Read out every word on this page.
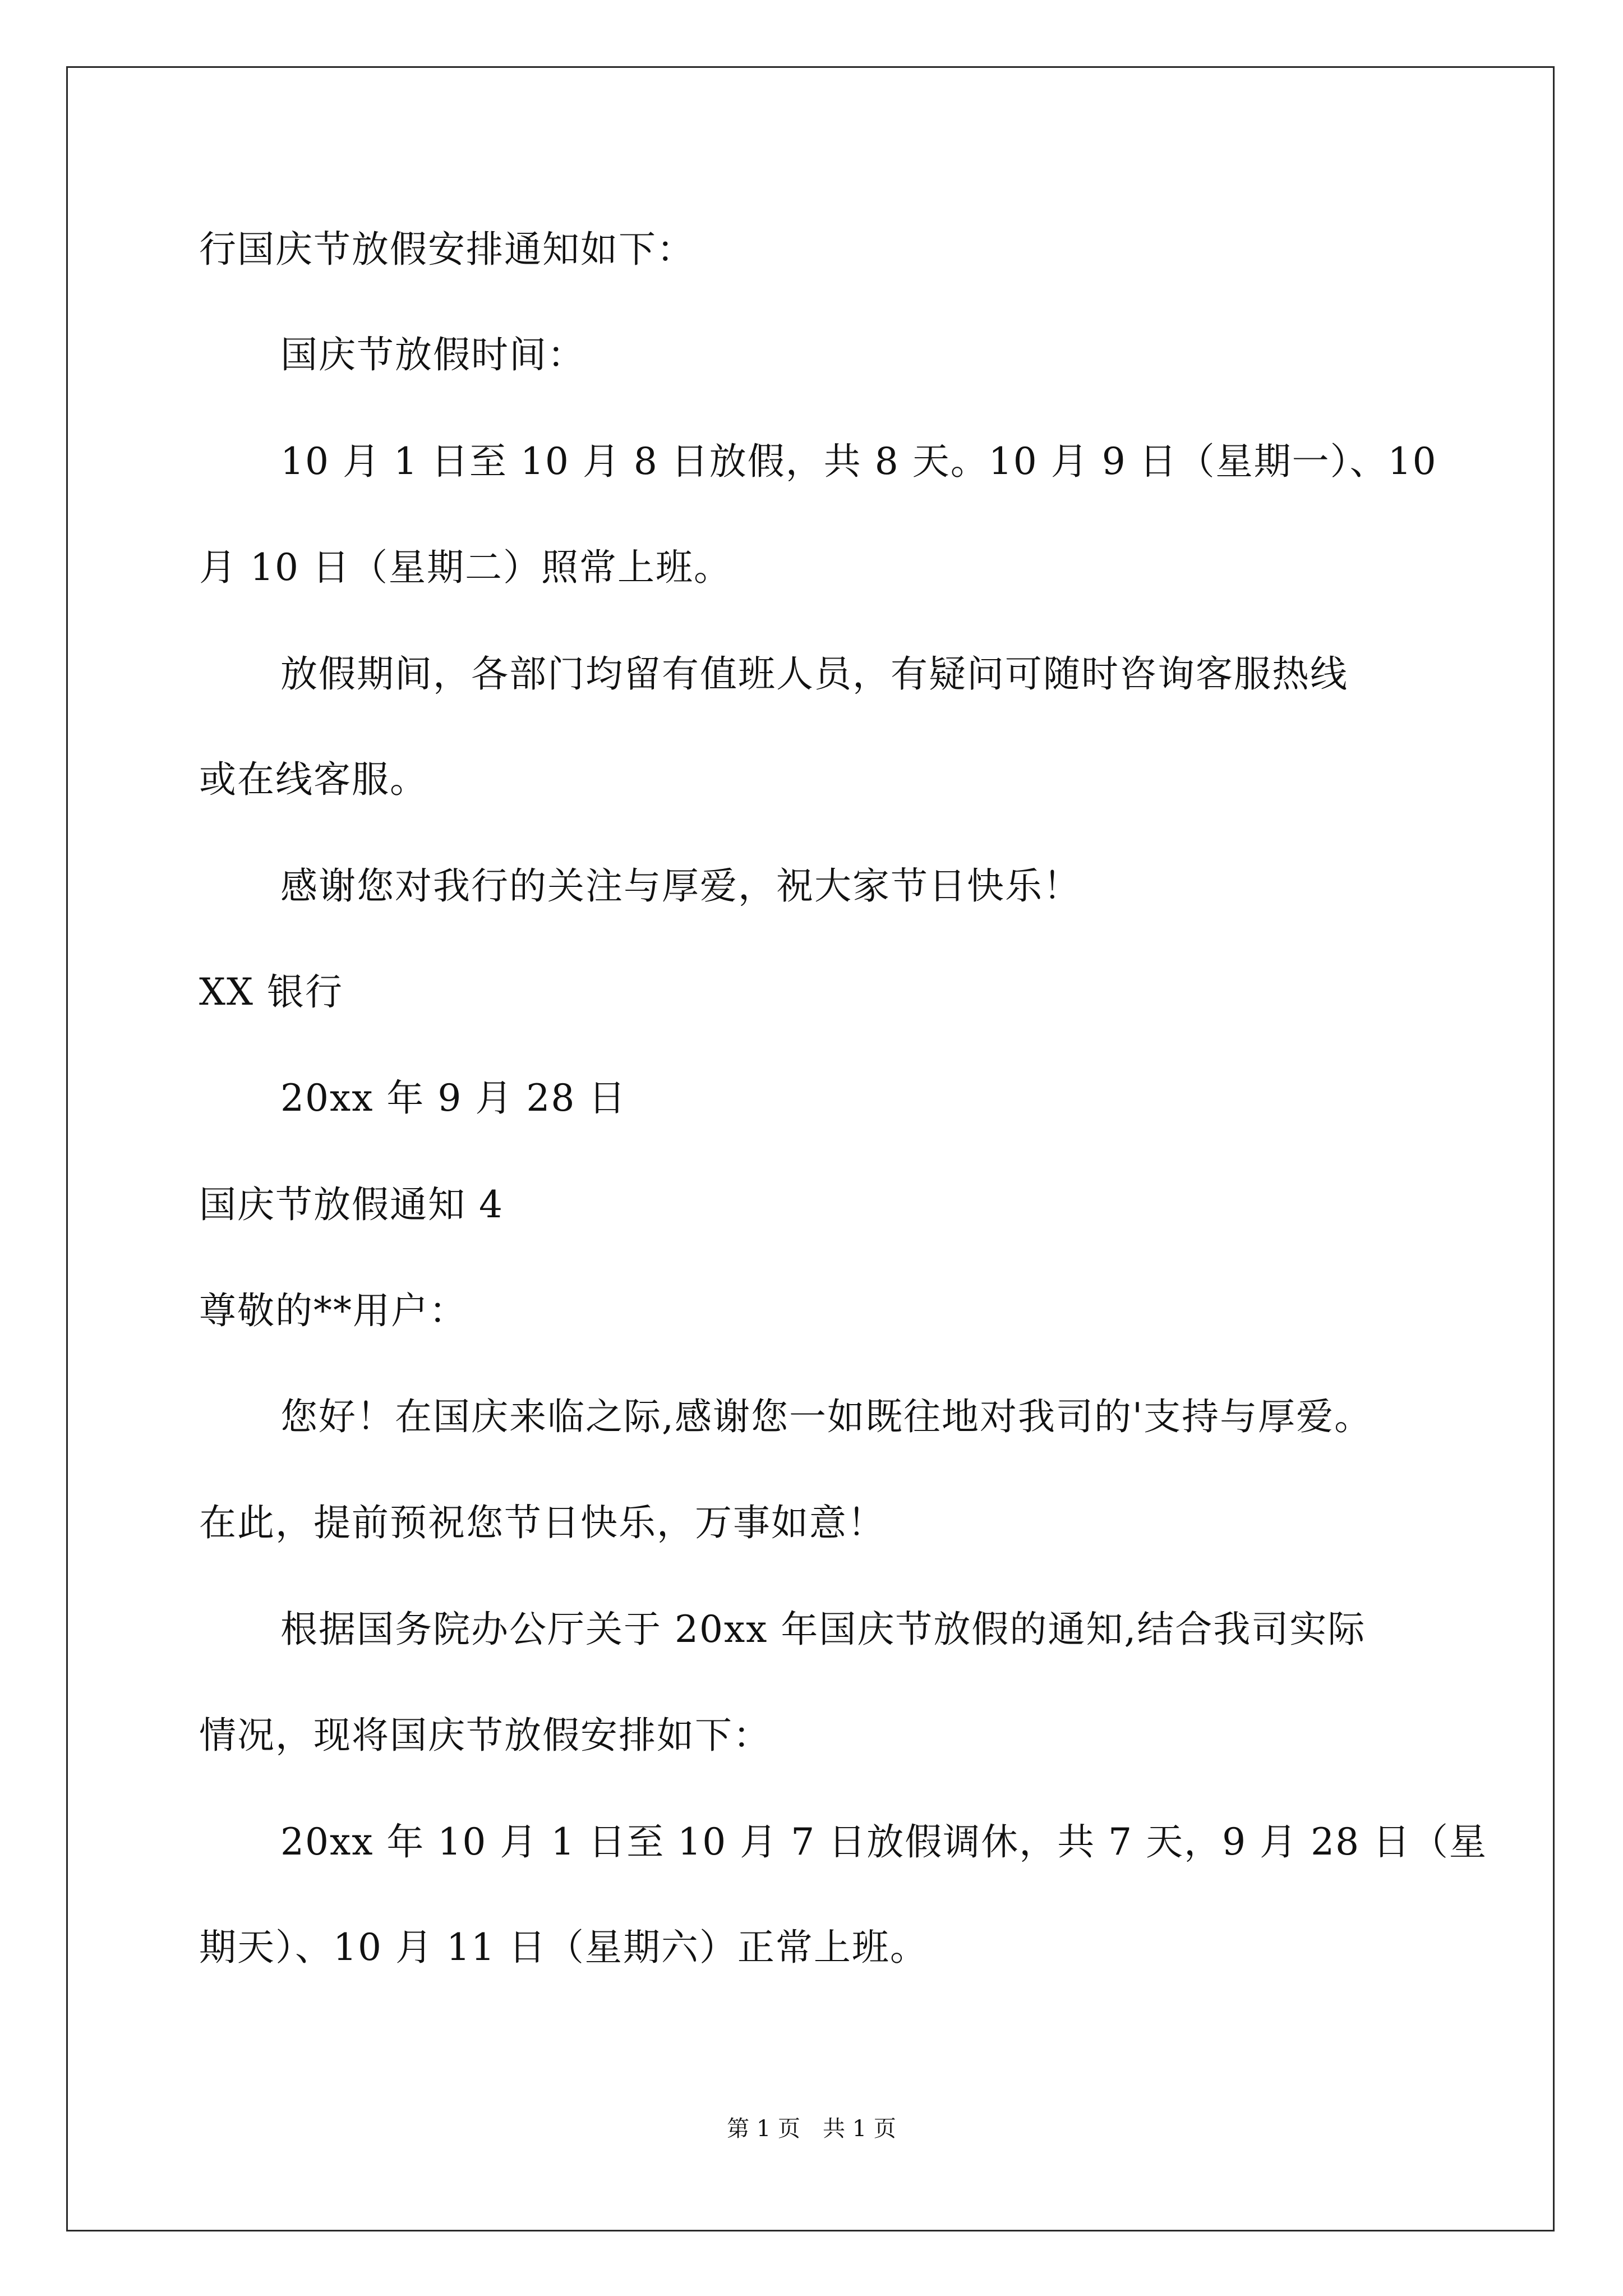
行国庆节放假安排通知如下：
国庆节放假时间：
10 月 1 日至 10 月 8 日放假，共 8 天。10 月 9 日（星期一）、10
月 10 日（星期二）照常上班。
放假期间，各部门均留有值班人员，有疑问可随时咨询客服热线
或在线客服。
感谢您对我行的关注与厚爱，祝大家节日快乐！
XX 银行
20xx 年 9 月 28 日
国庆节放假通知 4
尊敬的**用户：
您好！在国庆来临之际,感谢您一如既往地对我司的'支持与厚爱。
在此，提前预祝您节日快乐，万事如意！
根据国务院办公厅关于 20xx 年国庆节放假的通知,结合我司实际
情况，现将国庆节放假安排如下：
20xx 年 10 月 1 日至 10 月 7 日放假调休，共 7 天，9 月 28 日（星
期天）、10 月 11 日（星期六）正常上班。
第 1 页　共 1 页
